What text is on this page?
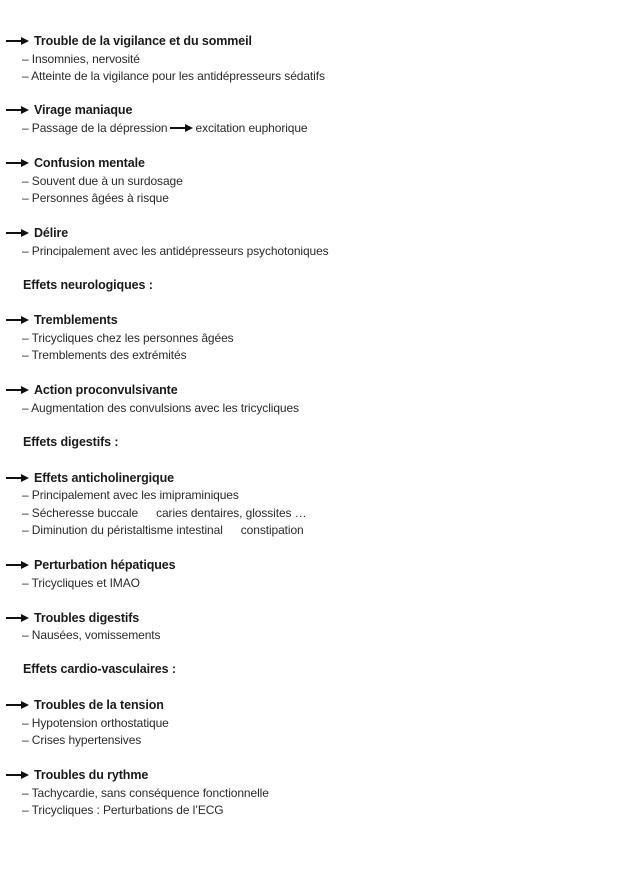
Trouble de la vigilance et du sommeil
– Insomnies, nervosité
– Atteinte de la vigilance pour les antidépresseurs sédatifs
Virage maniaque
– Passage de la dépression excitation euphorique
Confusion mentale
– Souvent due à un surdosage
– Personnes âgées à risque
Délire
– Principalement avec les antidépresseurs psychotoniques
Effets neurologiques :
Tremblements
– Tricycliques chez les personnes âgées
– Tremblements des extrémités
Action proconvulsivante
– Augmentation des convulsions avec les tricycliques
Effets digestifs :
Effets anticholinergique
– Principalement avec les imipraminiques
– Sécheresse buccale caries dentaires, glossites …
– Diminution du péristaltisme intestinal constipation
Perturbation hépatiques
– Tricycliques et IMAO
Troubles digestifs
– Nausées, vomissements
Effets cardio-vasculaires :
Troubles de la tension
– Hypotension orthostatique
– Crises hypertensives
Troubles du rythme
– Tachycardie, sans conséquence fonctionnelle
– Tricycliques : Perturbations de l’ECG
